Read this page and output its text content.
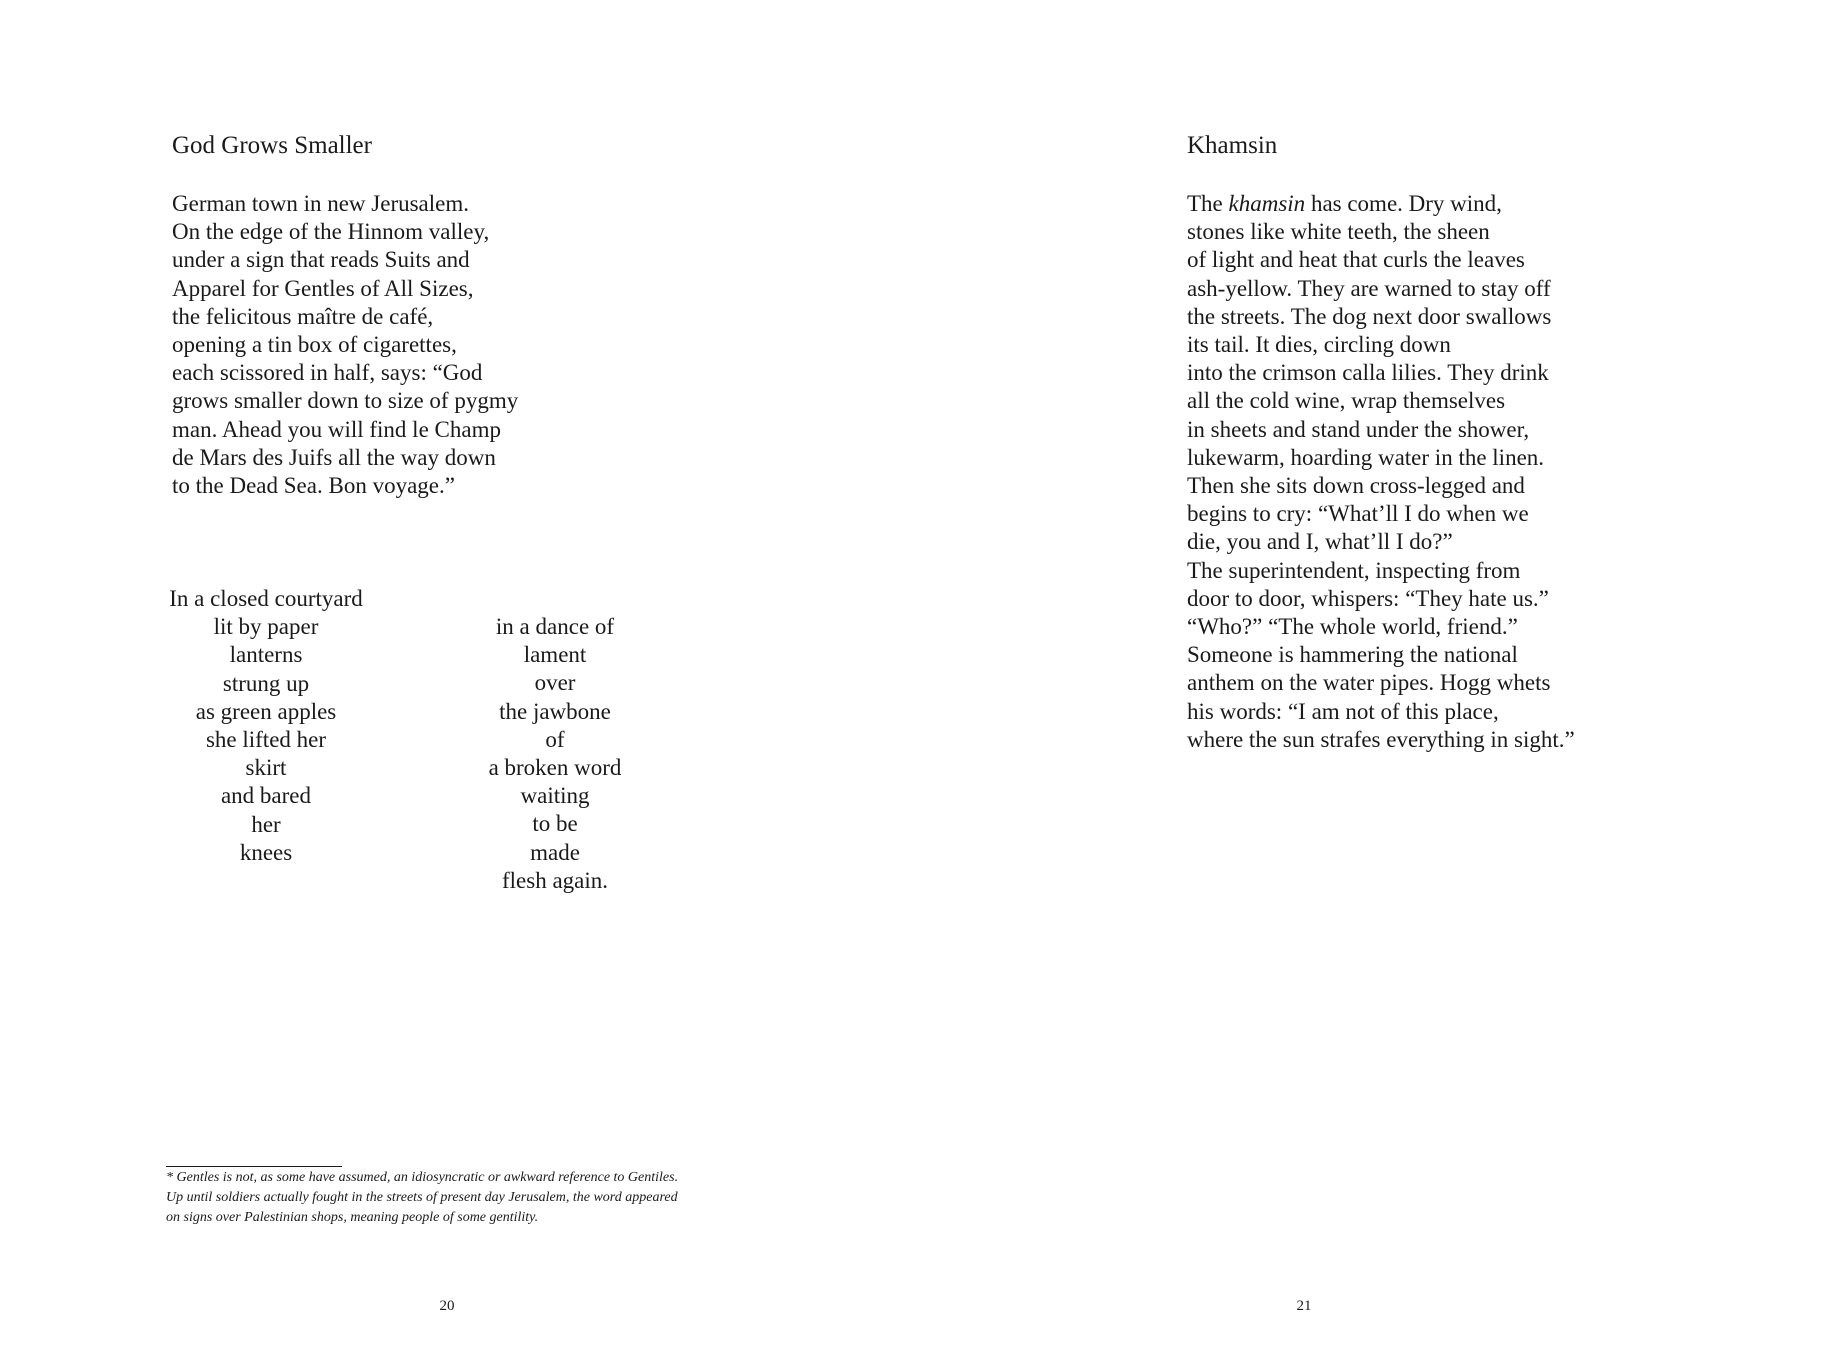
God Grows Smaller
German town in new Jerusalem.
On the edge of the Hinnom valley,
under a sign that reads Suits and
Apparel for Gentles of All Sizes,
the felicitous maître de café,
opening a tin box of cigarettes,
each scissored in half, says: “God
grows smaller down to size of pygmy
man. Ahead you will find le Champ
de Mars des Juifs all the way down
to the Dead Sea. Bon voyage.”
In a closed courtyard
lit by paper
lanterns
strung up
as green apples
she lifted her
skirt
and bared
her
knees
in a dance of
lament
over
the jawbone
of
a broken word
waiting
to be
made
flesh again.
* Gentles is not, as some have assumed, an idiosyncratic or awkward reference to Gentiles.
Up until soldiers actually fought in the streets of present day Jerusalem, the word appeared
on signs over Palestinian shops, meaning people of some gentility.
20
Khamsin
The khamsin has come. Dry wind,
stones like white teeth, the sheen
of light and heat that curls the leaves
ash-yellow. They are warned to stay off
the streets. The dog next door swallows
its tail. It dies, circling down
into the crimson calla lilies. They drink
all the cold wine, wrap themselves
in sheets and stand under the shower,
lukewarm, hoarding water in the linen.
Then she sits down cross-legged and
begins to cry: “What’ll I do when we
die, you and I, what’ll I do?”
The superintendent, inspecting from
door to door, whispers: “They hate us.”
“Who?” “The whole world, friend.”
Someone is hammering the national
anthem on the water pipes. Hogg whets
his words: “I am not of this place,
where the sun strafes everything in sight.”
21
